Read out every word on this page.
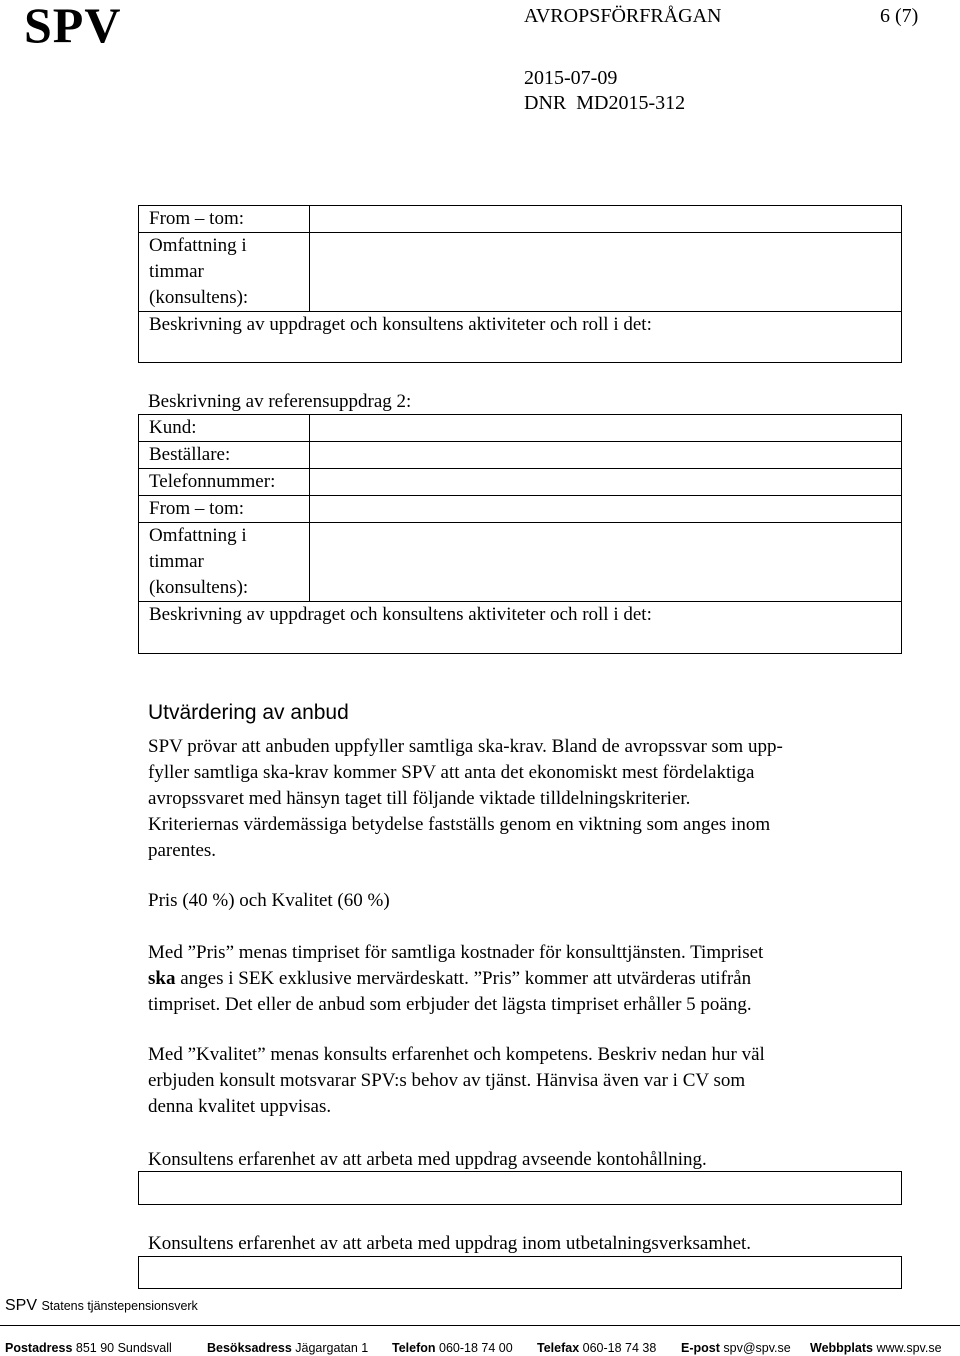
SPV	AVROPSFÖRFRÅGAN	6 (7)
2015-07-09
DNR  MD2015-312
From – tom:	

Omfattning i
timmar
(konsultens):	

Beskrivning av uppdraget och konsultens aktiviteter och roll i det:	
Beskrivning av referensuppdrag 2:
Kund:	
Beställare:	
Telefonnummer:	
From – tom:	

Omfattning i
timmar
(konsultens):	

Beskrivning av uppdraget och konsultens aktiviteter och roll i det:	
Utvärdering av anbud
SPV prövar att anbuden uppfyller samtliga ska-krav. Bland de avropssvar som upp-
fyller samtliga ska-krav kommer SPV att anta det ekonomiskt mest fördelaktiga
avropssvaret med hänsyn taget till följande viktade tilldelningskriterier.
Kriteriernas värdemässiga betydelse fastställs genom en viktning som anges inom
parentes.
Pris (40 %) och Kvalitet (60 %)
Med ”Pris” menas timpriset för samtliga kostnader för konsulttjänsten. Timpriset
ska anges i SEK exklusive mervärdeskatt. ”Pris” kommer att utvärderas utifrån
timpriset. Det eller de anbud som erbjuder det lägsta timpriset erhåller 5 poäng.
Med ”Kvalitet” menas konsults erfarenhet och kompetens. Beskriv nedan hur väl
erbjuden konsult motsvarar SPV:s behov av tjänst. Hänvisa även var i CV som
denna kvalitet uppvisas.
Konsultens erfarenhet av att arbeta med uppdrag avseende kontohållning.
Konsultens erfarenhet av att arbeta med uppdrag inom utbetalningsverksamhet.
SPV Statens tjänstepensionsverk
Postadress 851 90 Sundsvall	Besöksadress Jägargatan 1 Telefon 060-18 74 00 Telefax 060-18 74 38 E-post spv@spv.se Webbplats www.spv.se
